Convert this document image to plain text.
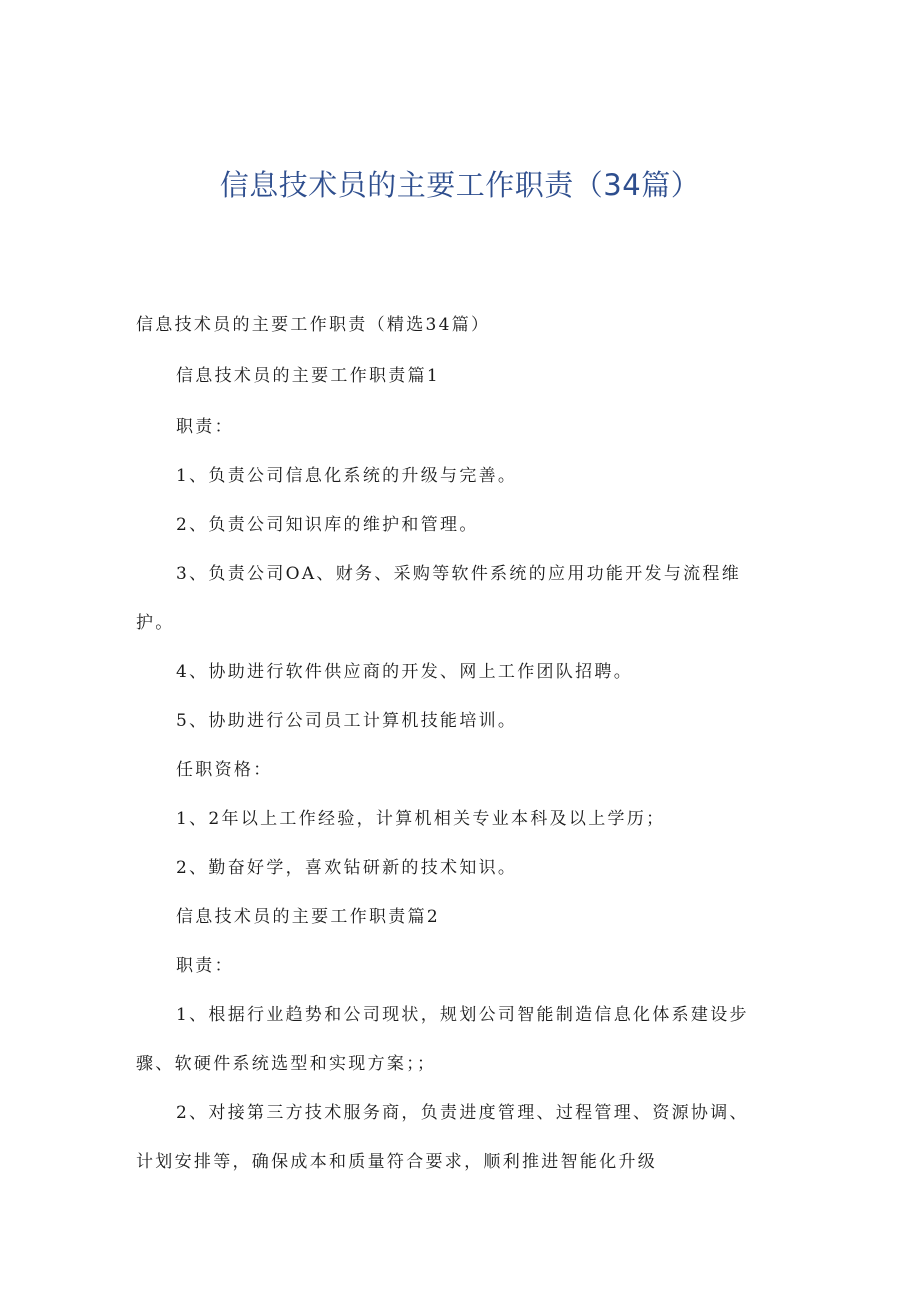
信息技术员的主要工作职责（34篇）
信息技术员的主要工作职责（精选34篇）
信息技术员的主要工作职责篇1
职责：
1、负责公司信息化系统的升级与完善。
2、负责公司知识库的维护和管理。
3、负责公司OA、财务、采购等软件系统的应用功能开发与流程维
护。
4、协助进行软件供应商的开发、网上工作团队招聘。
5、协助进行公司员工计算机技能培训。
任职资格：
1、2年以上工作经验，计算机相关专业本科及以上学历；
2、勤奋好学，喜欢钻研新的技术知识。
信息技术员的主要工作职责篇2
职责：
1、根据行业趋势和公司现状，规划公司智能制造信息化体系建设步
骤、软硬件系统选型和实现方案；；
2、对接第三方技术服务商，负责进度管理、过程管理、资源协调、
计划安排等，确保成本和质量符合要求，顺利推进智能化升级
